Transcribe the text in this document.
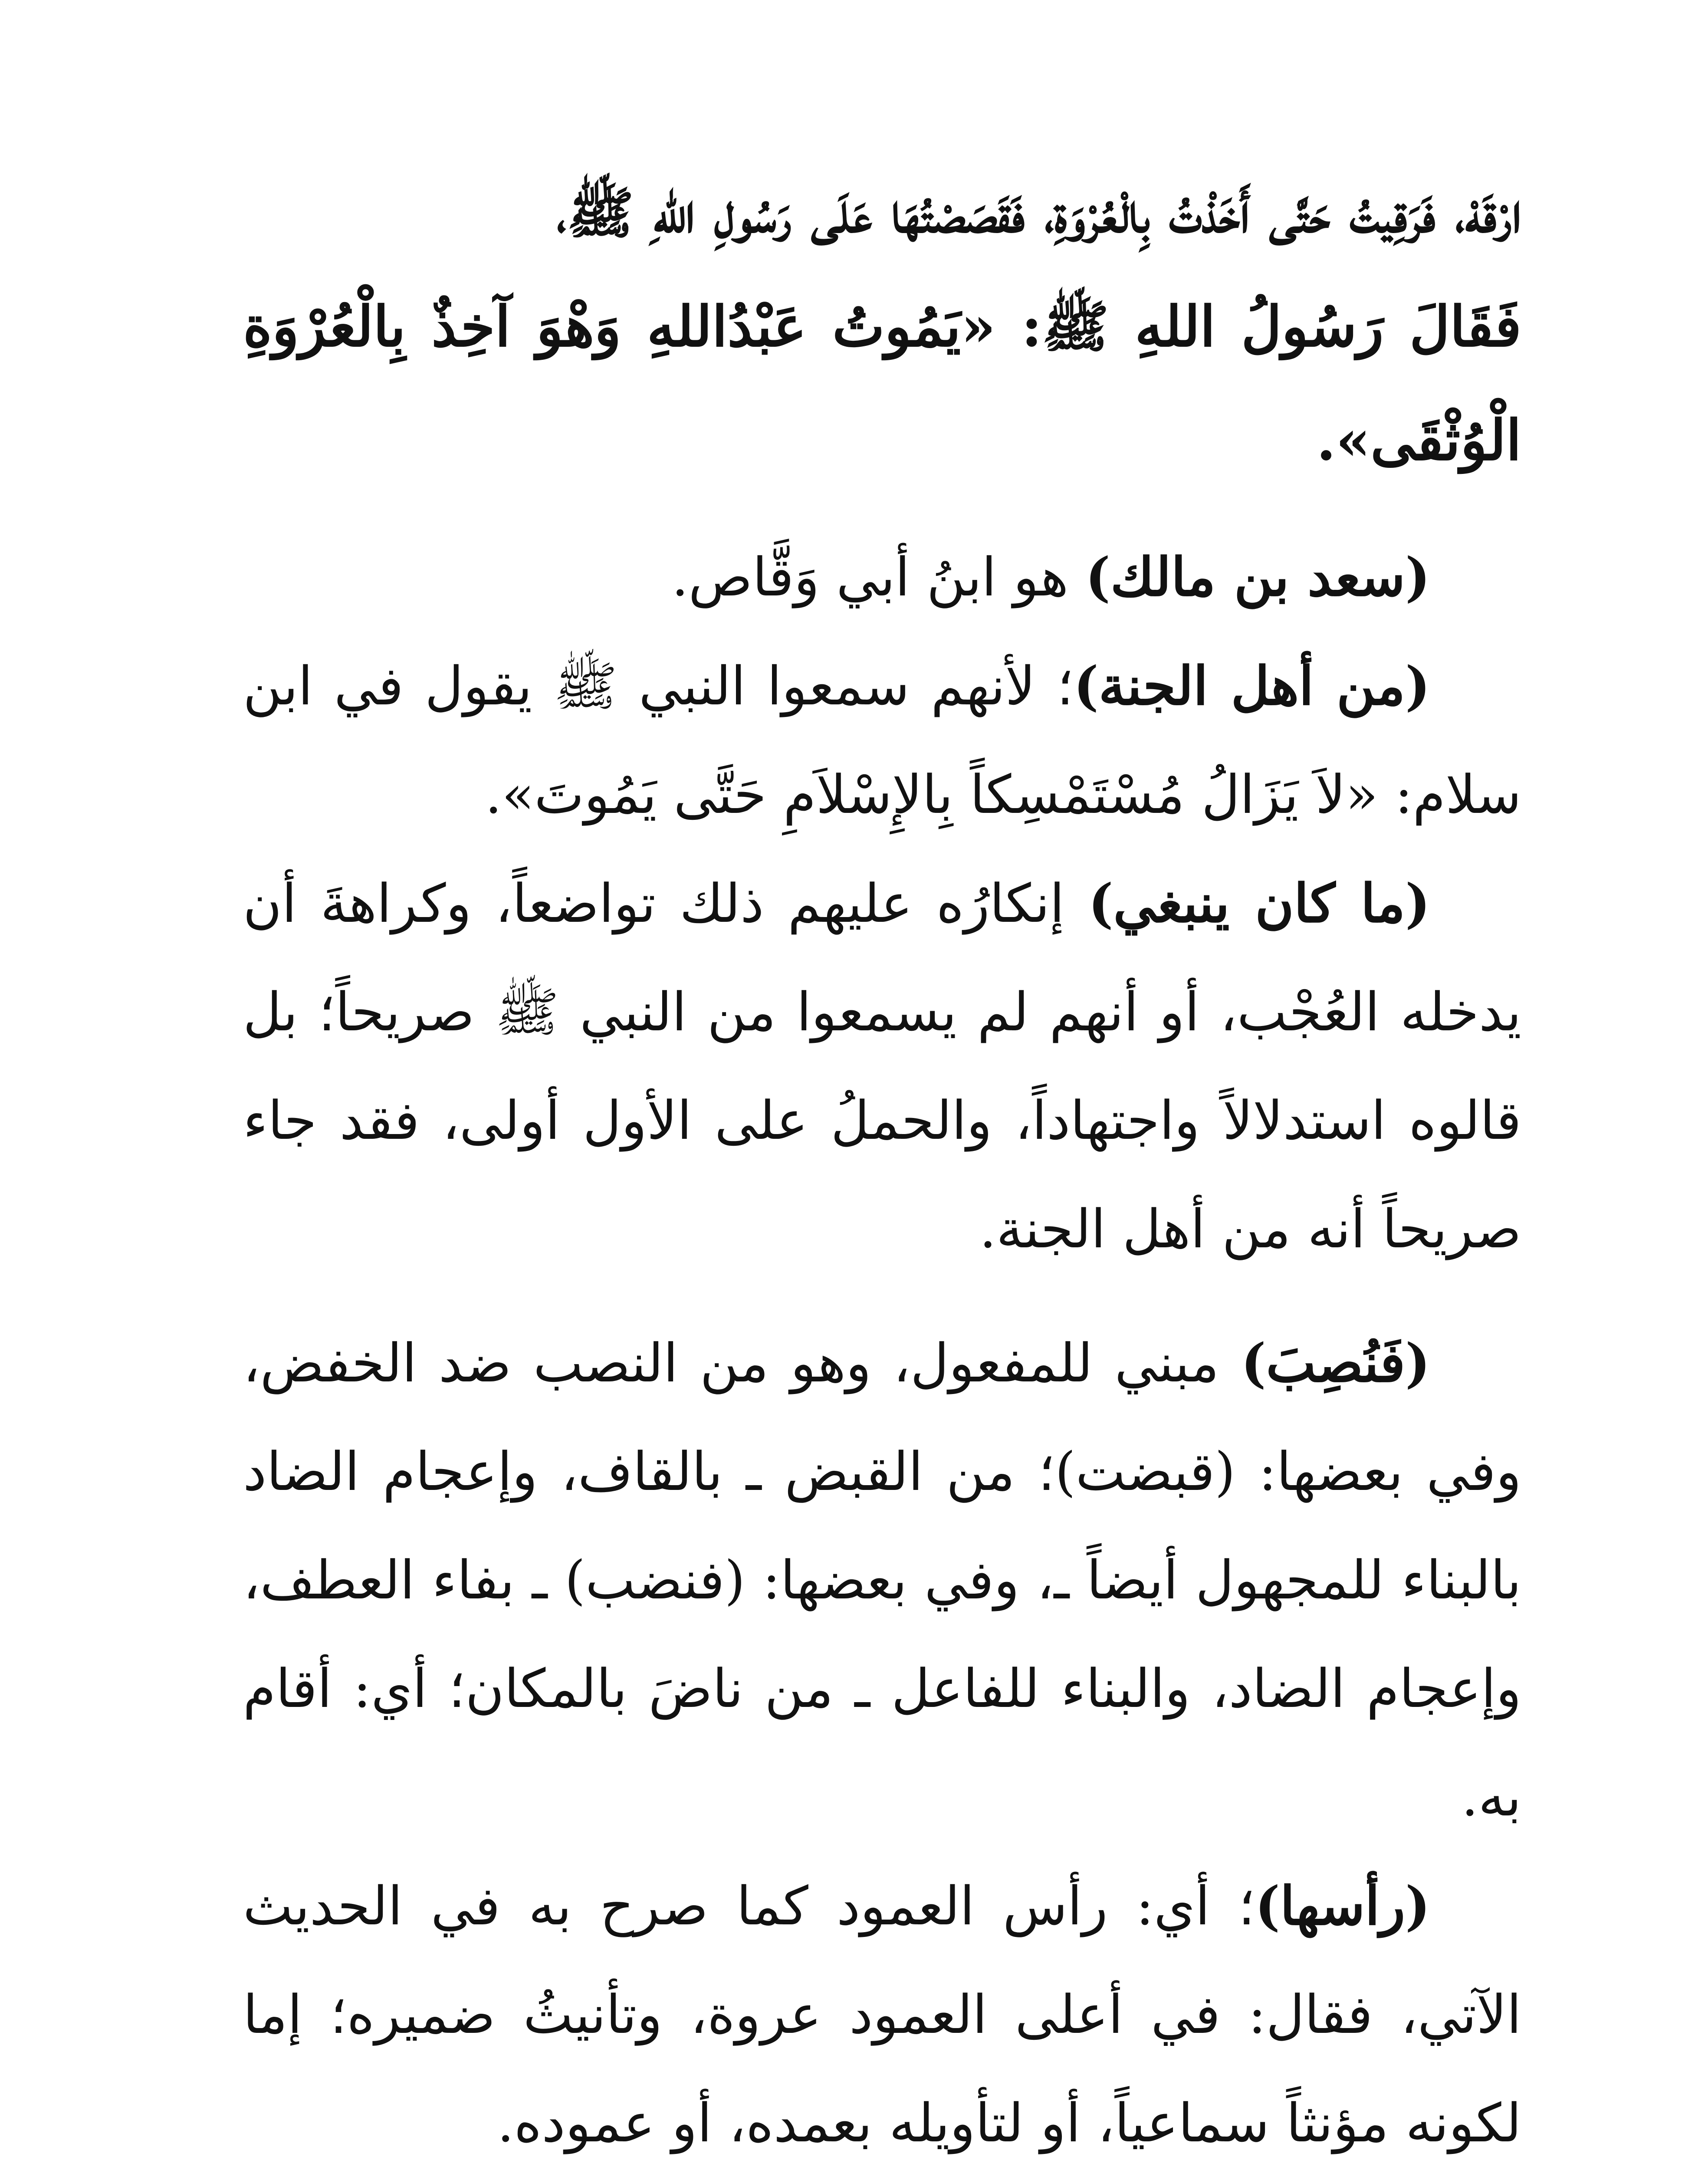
ارْقَهْ، فَرَقِيتُ حَتَّى أَخَذْتُ بِالْعُرْوَةِ، فَقَصَصْتُهَا عَلَى رَسُولِ اللهِ ﷺ،
فَقَالَ رَسُولُ اللهِ ﷺ: «يَمُوتُ عَبْدُاللهِ وَهْوَ آخِذٌ بِالْعُرْوَةِ الْوُثْقَى».

(سعد بن مالك) هو ابنُ أبي وَقَّاص.

(من أهل الجنة)؛ لأنهم سمعوا النبي ﷺ يقول في ابن سلام: «لاَ يَزَالُ مُسْتَمْسِكاً بِالإِسْلاَمِ حَتَّى يَمُوتَ».

(ما كان ينبغي) إنكارُه عليهم ذلك تواضعاً، وكراهةَ أن يدخله العُجْب، أو أنهم لم يسمعوا من النبي ﷺ صريحاً؛ بل قالوه استدلالاً واجتهاداً، والحملُ على الأول أولى، فقد جاء صريحاً أنه من أهل الجنة.

(فَنُصِبَ) مبني للمفعول، وهو من النصب ضد الخفض، وفي بعضها: (قبضت)؛ من القبض ـ بالقاف، وإعجام الضاد بالبناء للمجهول أيضاً ـ، وفي بعضها: (فنضب) ـ بفاء العطف، وإعجام الضاد، والبناء للفاعل ـ من ناضَ بالمكان؛ أي: أقام به.

(رأسها)؛ أي: رأس العمود كما صرح به في الحديث الآتي، فقال: في أعلى العمود عروة، وتأنيثُ ضميره؛ إما لكونه مؤنثاً سماعياً، أو لتأويله بعمده، أو عموده.
